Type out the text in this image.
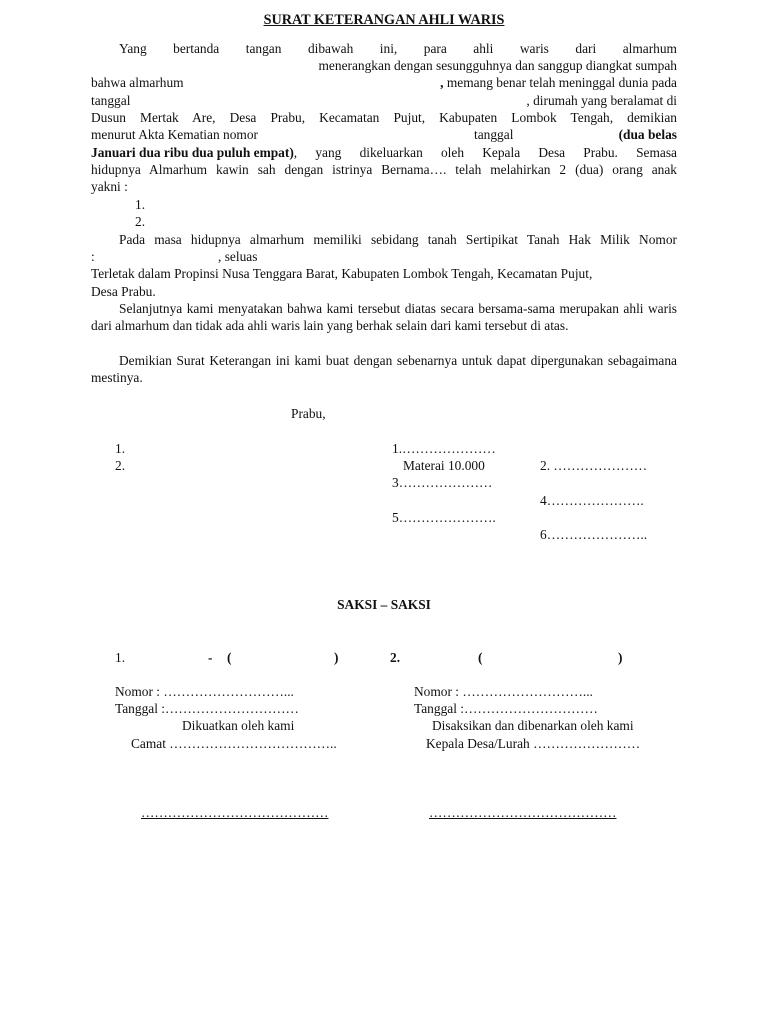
SURAT KETERANGAN AHLI WARIS
Yang bertanda tangan dibawah ini, para ahli waris dari almarhum
menerangkan dengan sesungguhnya dan sanggup diangkat sumpah
bahwa almarhum	, memang benar telah meninggal dunia pada
tanggal	, dirumah yang beralamat di
Dusun Mertak Are, Desa Prabu, Kecamatan Pujut, Kabupaten Lombok Tengah, demikian
menurut Akta Kematian nomor	tanggal	(dua belas
Januari dua ribu dua puluh empat) , yang dikeluarkan oleh Kepala Desa Prabu. Semasa
hidupnya Almarhum kawin sah dengan istrinya Bernama…. telah melahirkan 2 (dua) orang anak
yakni :
1.
2.
Pada masa hidupnya almarhum memiliki sebidang tanah Sertipikat Tanah Hak Milik Nomor
:	, seluas
Terletak dalam Propinsi Nusa Tenggara Barat, Kabupaten Lombok Tengah, Kecamatan Pujut,
Desa Prabu.
Selanjutnya kami menyatakan bahwa kami tersebut diatas secara bersama-sama merupakan ahli waris dari almarhum dan tidak ada ahli waris lain yang berhak selain dari kami tersebut di atas.
Demikian Surat Keterangan ini kami buat dengan sebenarnya untuk dapat dipergunakan sebagaimana mestinya.
Prabu,
1.
2.
1.…………………
Materai 10.000	2. …………………
3…………………
4………………….
5………………….
6…………………..
SAKSI – SAKSI
1.	- (	)	2.	(	)
Nomor : ………………………...
Tanggal :…………………………
Dikuatkan oleh kami
Camat ………………………………..
Nomor : ………………………...
Tanggal :…………………………
Disaksikan dan dibenarkan oleh kami
Kepala Desa/Lurah ……………………
……………………………………	……………………………………
